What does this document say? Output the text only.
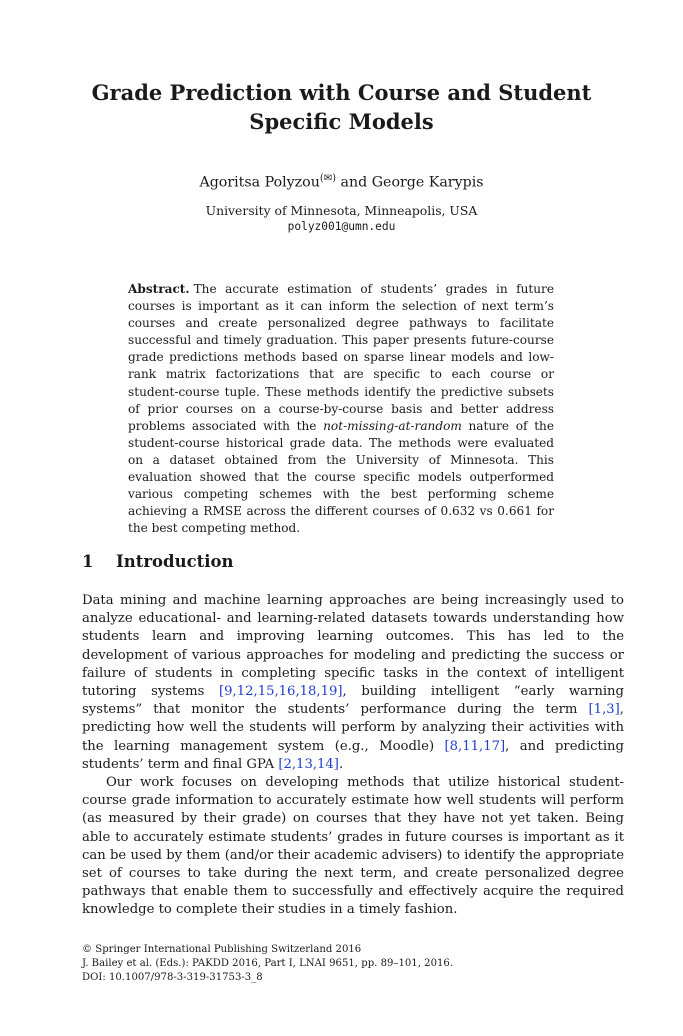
Grade Prediction with Course and Student
Specific Models
Agoritsa Polyzou(✉) and George Karypis
University of Minnesota, Minneapolis, USA
polyz001@umn.edu
Abstract. The accurate estimation of students’ grades in future courses is important as it can inform the selection of next term’s courses and create personalized degree pathways to facilitate successful and timely graduation. This paper presents future-course grade predictions methods based on sparse linear models and low-rank matrix factorizations that are specific to each course or student-course tuple. These methods identify the predictive subsets of prior courses on a course-by-course basis and better address problems associated with the not-missing-at-random nature of the student-course historical grade data. The methods were evaluated on a dataset obtained from the University of Minnesota. This evaluation showed that the course specific models outperformed various competing schemes with the best performing scheme achieving a RMSE across the different courses of 0.632 vs 0.661 for the best competing method.
1 Introduction

Data mining and machine learning approaches are being increasingly used to analyze educational- and learning-related datasets towards understanding how students learn and improving learning outcomes. This has led to the development of various approaches for modeling and predicting the success or failure of students in completing specific tasks in the context of intelligent tutoring systems [9,12,15,16,18,19], building intelligent “early warning systems” that monitor the students’ performance during the term [1,3], predicting how well the students will perform by analyzing their activities with the learning management system (e.g., Moodle) [8,11,17], and predicting students’ term and final GPA [2,13,14].

Our work focuses on developing methods that utilize historical student-course grade information to accurately estimate how well students will perform (as measured by their grade) on courses that they have not yet taken. Being able to accurately estimate students’ grades in future courses is important as it can be used by them (and/or their academic advisers) to identify the appropriate set of courses to take during the next term, and create personalized degree pathways that enable them to successfully and effectively acquire the required knowledge to complete their studies in a timely fashion.

© Springer International Publishing Switzerland 2016
J. Bailey et al. (Eds.): PAKDD 2016, Part I, LNAI 9651, pp. 89–101, 2016.
DOI: 10.1007/978-3-319-31753-3_8
